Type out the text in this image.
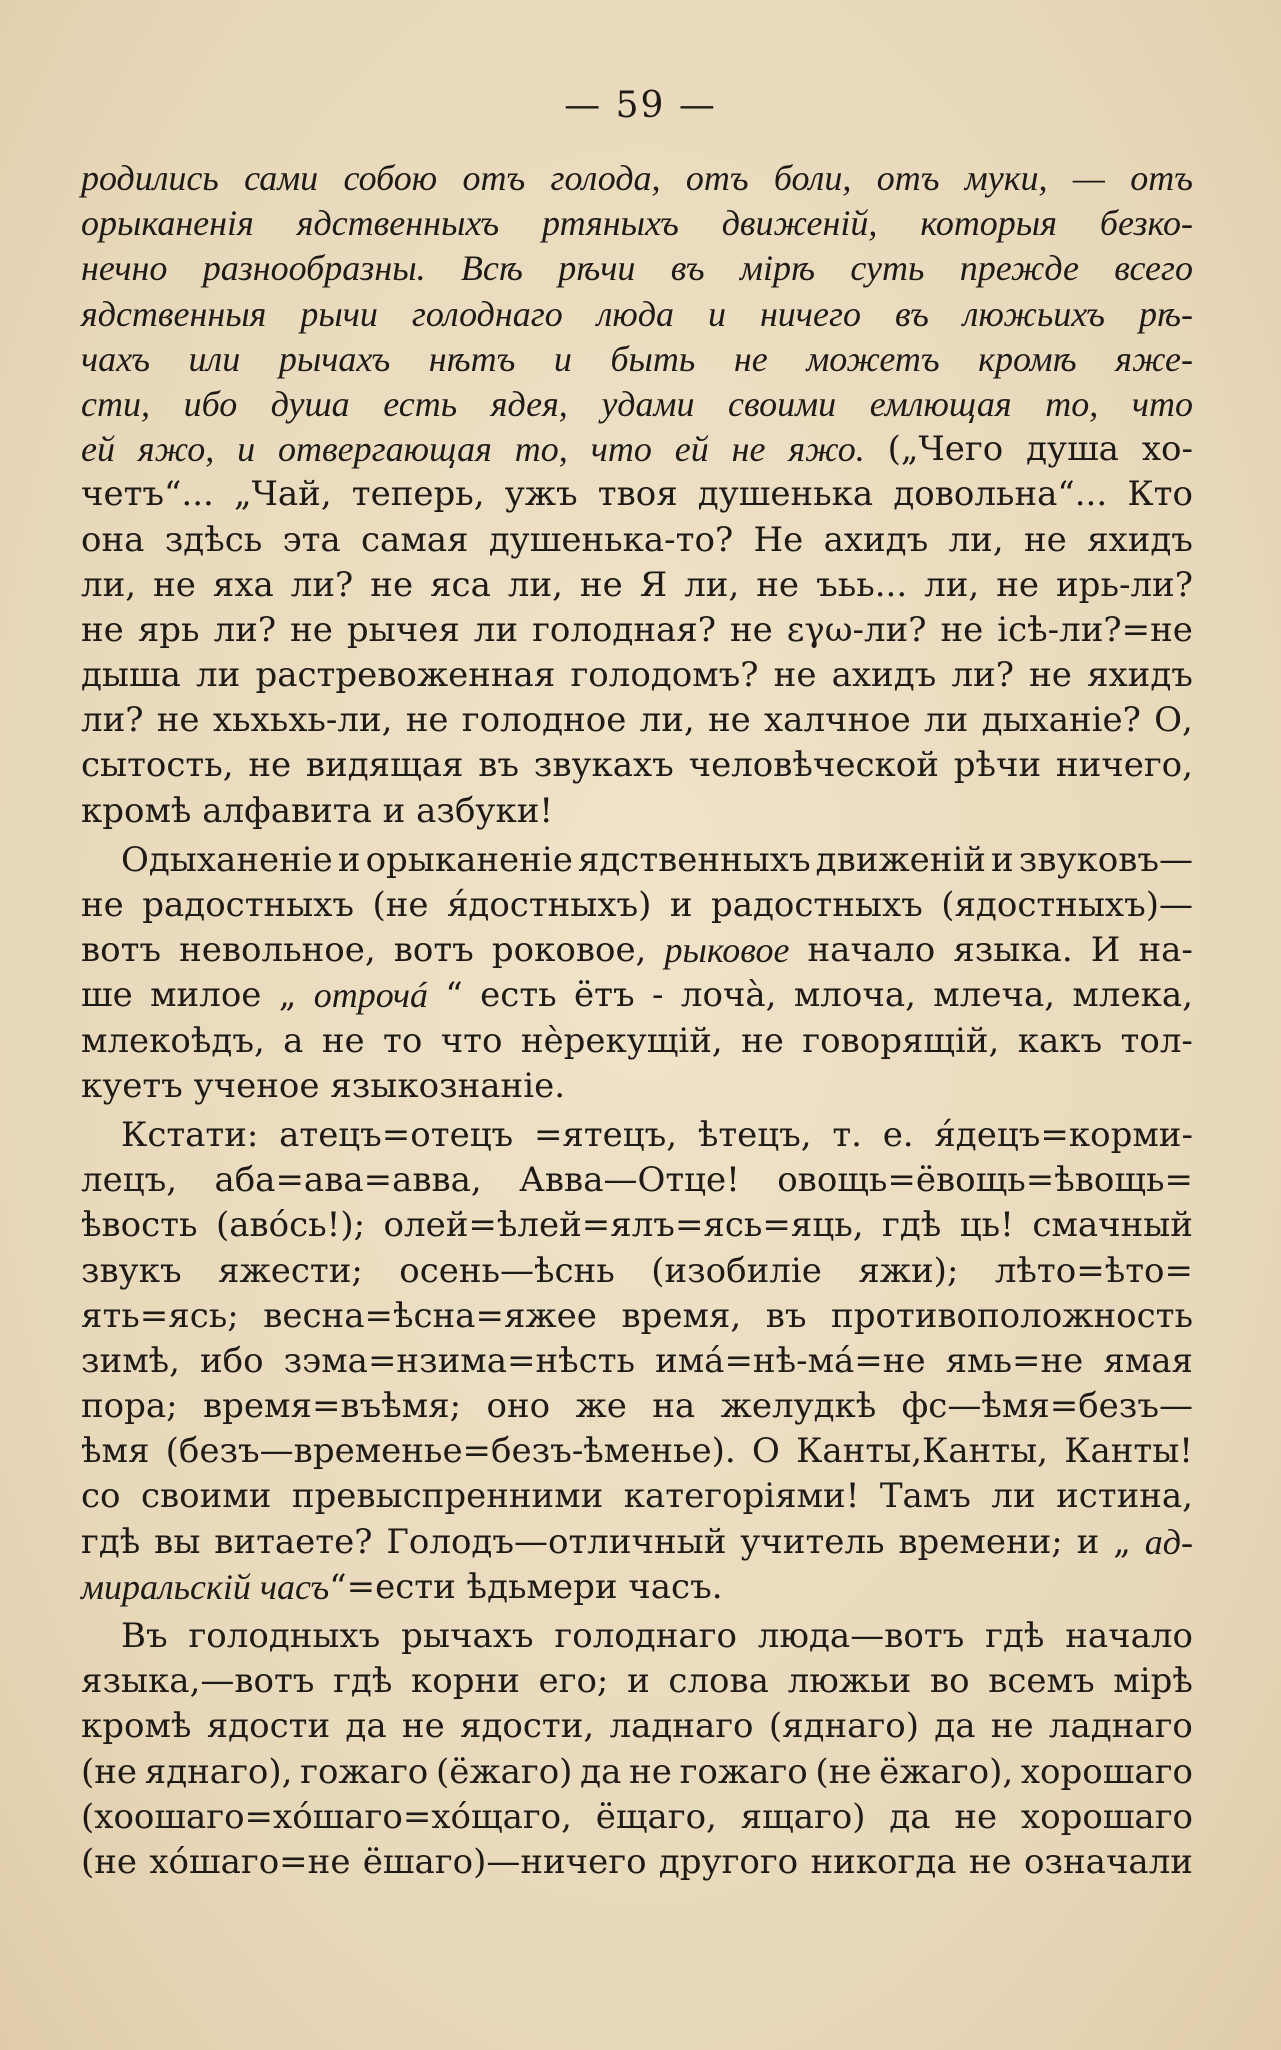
— 59 —
родились сами собою отъ голода, отъ боли, отъ муки, — отъ
орыканенія ядственныхъ ртяныхъ движеній, которыя безко-
нечно разнообразны. Всѣ рѣчи въ мірѣ суть прежде всего
ядственныя рычи голоднаго люда и ничего въ люжьихъ рѣ-
чахъ или рычахъ нѣтъ и быть не можетъ кромѣ яже-
сти, ибо душа есть ядея, удами своими емлющая то, что
ей яжо, и отвергающая то, что ей не яжо. („Чего душа хо-
четъ“... „Чай, теперь, ужъ твоя душенька довольна“... Кто
она здѣсь эта самая душенька-то? Не ахидъ ли, не яхидъ
ли, не яха ли? не яса ли, не Я ли, не ъьь... ли, не ирь-ли?
не ярь ли? не рычея ли голодная? не εγω-ли? не ісѣ-ли?=не
дыша ли растревоженная голодомъ? не ахидъ ли? не яхидъ
ли? не хьхьхь-ли, не голодное ли, не халчное ли дыханіе? О,
сытость, не видящая въ звукахъ человѣческой рѣчи ничего,
кромѣ алфавита и азбуки!
Одыханеніе и орыканеніе ядственныхъ движеній и звуковъ—
не радостныхъ (не я́достныхъ) и радостныхъ (ядостныхъ)—
вотъ невольное, вотъ роковое, рыковое начало языка. И на-
ше милое „ отрочá “ есть ётъ - лочà, млоча, млеча, млека,
млекоѣдъ, а не то что нѐрекущій, не говорящій, какъ тол-
куетъ ученое языкознаніе.
Кстати: атецъ=отецъ =ятецъ, ѣтецъ, т. е. я́децъ=корми-
лецъ, аба=ава=авва, Авва—Отце! овощь=ёвощь=ѣвощь=
ѣвость (авóсь!); олей=ѣлей=ялъ=ясь=яць, гдѣ ць! смачный
звукъ яжести; осень—ѣснь (изобиліе яжи); лѣто=ѣто=
ять=ясь; весна=ѣсна=яжее время, въ противоположность
зимѣ, ибо зэма=нзима=нѣсть имá=нѣ-мá=не ямь=не ямая
пора; время=въѣмя; оно же на желудкѣ фс—ѣмя=безъ—
ѣмя (безъ—временье=безъ-ѣменье). О Канты,Канты, Канты!
со своими превыспренними категоріями! Тамъ ли истина,
гдѣ вы витаете? Голодъ—отличный учитель времени; и „ ад-
миральскій часъ “=ести ѣдьмери часъ.
Въ голодныхъ рычахъ голоднаго люда—вотъ гдѣ начало
языка,—вотъ гдѣ корни его; и слова люжьи во всемъ мірѣ
кромѣ ядости да не ядости, ладнаго (яднаго) да не ладнаго
(не яднаго), гожаго (ёжаго) да не гожаго (не ёжаго), хорошаго
(хоошаго=хóшаго=хóщаго, ёщаго, ящаго) да не хорошаго
(не хóшаго=не ёшаго)—ничего другого никогда не означали
